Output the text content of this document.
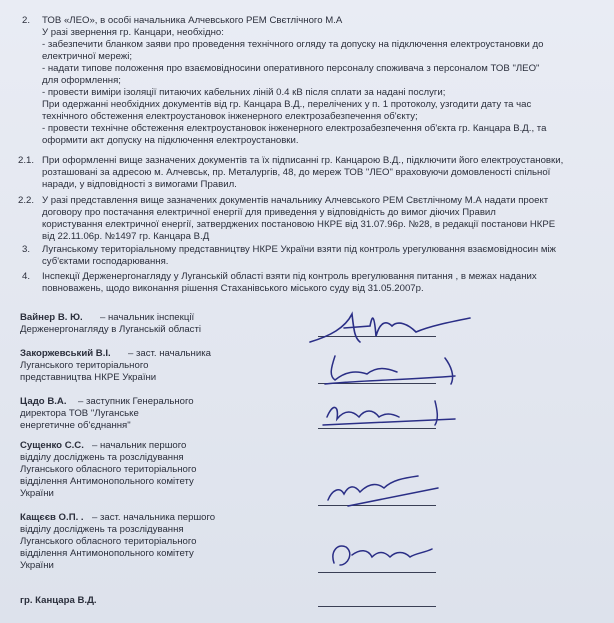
2. ТОВ «ЛЕО», в особі начальника Алчевського РЕМ Свєтлічного М.А
У разі звернення гр. Канцари, необхідно:
- забезпечити бланком заяви про проведення технічного огляду та допуску на підключення електроустановки до
електричної мережі;
- надати типове положення про взаємовідносини оперативного персоналу споживача з персоналом ТОВ "ЛЕО"
для оформлення;
- провести виміри ізоляції питаючих кабельних ліній 0.4 кВ після сплати за надані послуги;
При одержанні необхідних документів від гр. Канцара В.Д., перелічених у п. 1 протоколу, узгодити дату та час
технічного обстеження електроустановок інженерного електрозабезпечення об'єкту;
- провести технічне обстеження електроустановок інженерного електрозабезпечення об'єкта гр. Канцара В.Д., та
оформити акт допуску на підключення електроустановки.
2.1. При оформленні вище зазначених документів та їх підписанні гр. Канцарою В.Д., підключити його електроустановки,
розташовані за адресою м. Алчевськ, пр. Металургів, 48, до мереж ТОВ "ЛЕО" враховуючи домовленості спільної
наради, у відповідності з вимогами Правил.
2.2. У разі представлення вище зазначених документів начальнику Алчевського РЕМ Свєтлічному М.А надати проект
договору про постачання електричної енергії для приведення у відповідність до вимог діючих Правил
користування електричної енергії, затверджених постановою НКРЕ від 31.07.96р. №28, в редакції постанови НКРЕ
від 22.11.06р. №1497 гр. Канцара В.Д
3. Луганському територіальному представництву НКРЕ України взяти під контроль урегулювання взаємовідносин між
суб'єктами господарювання.
4. Інспекції Держенергонагляду у Луганській області взяти під контроль врегулювання питання , в межах наданих
повноважень, щодо виконання рішення Стаханівського міського суду від 31.05.2007р.
Вайнер В. Ю. – начальник інспекції
Держенергонагляду в Луганській області
Закоржевський В.І. – заст. начальника
Луганського територіального
представництва НКРЕ України
Цадо В.А. – заступник Генерального
директора ТОВ "Луганське
енергетичне об'єднання"
Сущенко С.С. – начальник першого
відділу досліджень та розслідування
Луганського обласного територіального
відділення Антимонопольного комітету
України
Кащєєв О.П. . – заст. начальника першого
відділу досліджень та розслідування
Луганського обласного територіального
відділення Антимонопольного комітету
України
гр. Канцара В.Д.
